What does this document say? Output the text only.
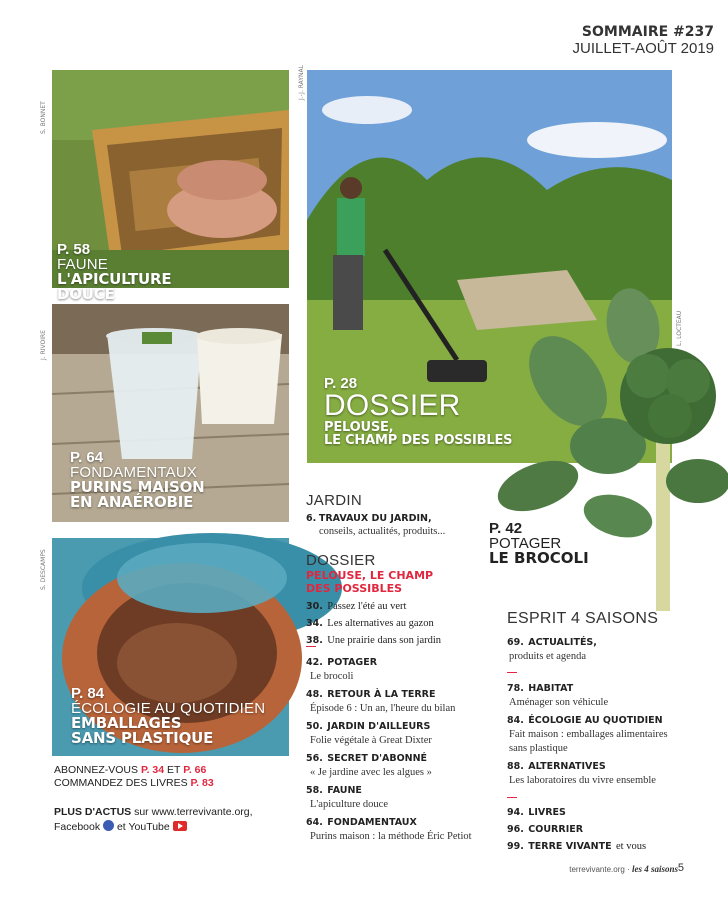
SOMMAIRE #237
JUILLET-AOÛT 2019
S. BONNET
P. 58
FAUNE
L'APICULTURE
DOUCE
J.-J. RAYNAL
P. 28
DOSSIER
PELOUSE,
LE CHAMP DES POSSIBLES
J. RIVOIRE
P. 64
FONDAMENTAUX
PURINS MAISON
EN ANAÉROBIE
L. LOCTEAU
P. 42
POTAGER
LE BROCOLI
S. DESCAMPS
P. 84
ÉCOLOGIE AU QUOTIDIEN
EMBALLAGES
SANS PLASTIQUE
ABONNEZ-VOUS P. 34 ET P. 66
COMMANDEZ DES LIVRES P. 83
PLUS D'ACTUS sur www.terrevivante.org,
Facebook et YouTube
JARDIN
6. TRAVAUX DU JARDIN,
conseils, actualités, produits...
DOSSIER
PELOUSE, LE CHAMP
DES POSSIBLES
30. Passez l'été au vert
34. Les alternatives au gazon
38. Une prairie dans son jardin
42. POTAGER
Le brocoli
48. RETOUR À LA TERRE
Épisode 6 : Un an, l'heure du bilan
50. JARDIN D'AILLEURS
Folie végétale à Great Dixter
56. SECRET D'ABONNÉ
« Je jardine avec les algues »
58. FAUNE
L'apiculture douce
64. FONDAMENTAUX
Purins maison : la méthode Éric Petiot
ESPRIT 4 SAISONS
69. ACTUALITÉS,
produits et agenda
78. HABITAT
Aménager son véhicule
84. ÉCOLOGIE AU QUOTIDIEN
Fait maison : emballages alimentaires
sans plastique
88. ALTERNATIVES
Les laboratoires du vivre ensemble
94. LIVRES
96. COURRIER
99. TERRE VIVANTE et vous
terrevivante.org · les 4 saisons 5
